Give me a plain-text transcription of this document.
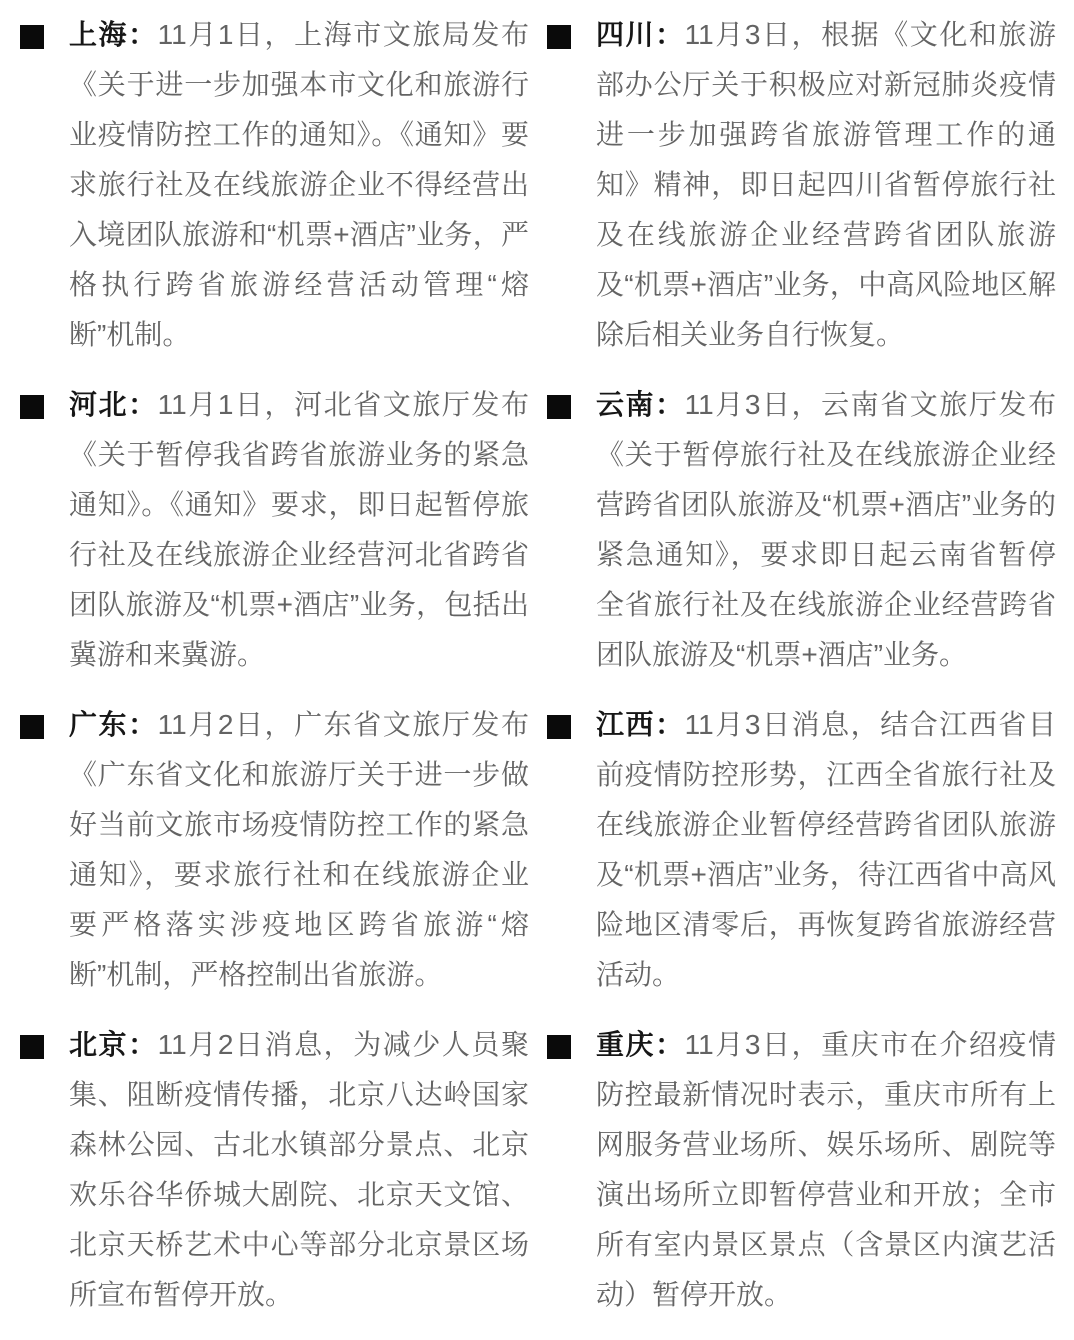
上海：11月1日，上海市文旅局发布《关于进一步加强本市文化和旅游行业疫情防控工作的通知》。《通知》要求旅行社及在线旅游企业不得经营出入境团队旅游和“机票+酒店”业务，严格执行跨省旅游经营活动管理“熔断”机制。

河北：11月1日，河北省文旅厅发布《关于暂停我省跨省旅游业务的紧急通知》。《通知》要求，即日起暂停旅行社及在线旅游企业经营河北省跨省团队旅游及“机票+酒店”业务，包括出冀游和来冀游。

广东：11月2日，广东省文旅厅发布《广东省文化和旅游厅关于进一步做好当前文旅市场疫情防控工作的紧急通知》，要求旅行社和在线旅游企业要严格落实涉疫地区跨省旅游“熔断”机制，严格控制出省旅游。

北京：11月2日消息，为减少人员聚集、阻断疫情传播，北京八达岭国家森林公园、古北水镇部分景点、北京欢乐谷华侨城大剧院、北京天文馆、北京天桥艺术中心等部分北京景区场所宣布暂停开放。

四川：11月3日，根据《文化和旅游部办公厅关于积极应对新冠肺炎疫情进一步加强跨省旅游管理工作的通知》精神，即日起四川省暂停旅行社及在线旅游企业经营跨省团队旅游及“机票+酒店”业务，中高风险地区解除后相关业务自行恢复。

云南：11月3日，云南省文旅厅发布《关于暂停旅行社及在线旅游企业经营跨省团队旅游及“机票+酒店”业务的紧急通知》，要求即日起云南省暂停全省旅行社及在线旅游企业经营跨省团队旅游及“机票+酒店”业务。

江西：11月3日消息，结合江西省目前疫情防控形势，江西全省旅行社及在线旅游企业暂停经营跨省团队旅游及“机票+酒店”业务，待江西省中高风险地区清零后，再恢复跨省旅游经营活动。

重庆：11月3日，重庆市在介绍疫情防控最新情况时表示，重庆市所有上网服务营业场所、娱乐场所、剧院等演出场所立即暂停营业和开放；全市所有室内景区景点（含景区内演艺活动）暂停开放。
